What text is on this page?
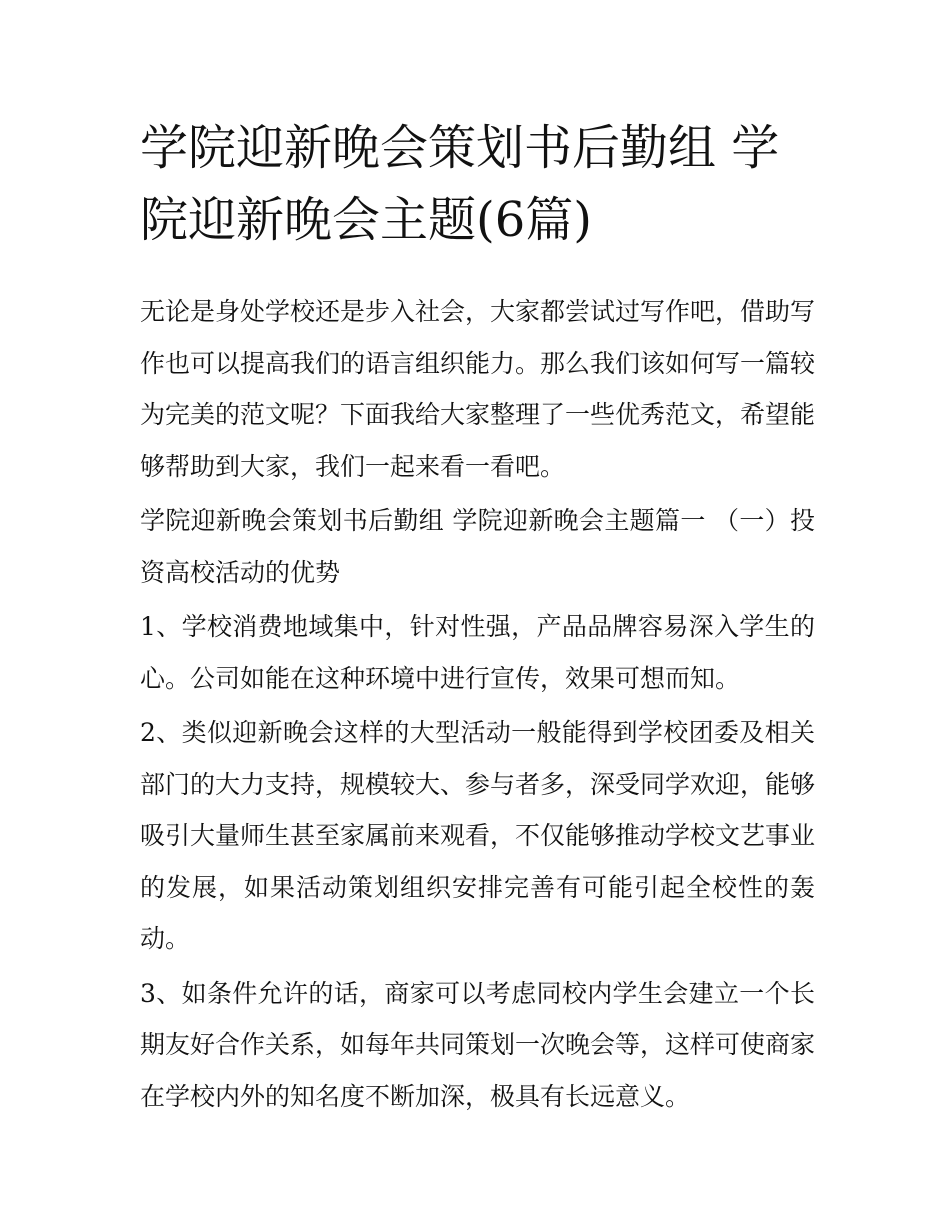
学院迎新晚会策划书后勤组 学院迎新晚会主题(6篇)

无论是身处学校还是步入社会，大家都尝试过写作吧，借助写作也可以提高我们的语言组织能力。那么我们该如何写一篇较为完美的范文呢？下面我给大家整理了一些优秀范文，希望能够帮助到大家，我们一起来看一看吧。

学院迎新晚会策划书后勤组 学院迎新晚会主题篇一 （一）投资高校活动的优势

1、学校消费地域集中，针对性强，产品品牌容易深入学生的心。公司如能在这种环境中进行宣传，效果可想而知。

2、类似迎新晚会这样的大型活动一般能得到学校团委及相关部门的大力支持，规模较大、参与者多，深受同学欢迎，能够吸引大量师生甚至家属前来观看，不仅能够推动学校文艺事业的发展，如果活动策划组织安排完善有可能引起全校性的轰动。

3、如条件允许的话，商家可以考虑同校内学生会建立一个长期友好合作关系，如每年共同策划一次晚会等，这样可使商家在学校内外的知名度不断加深，极具有长远意义。
